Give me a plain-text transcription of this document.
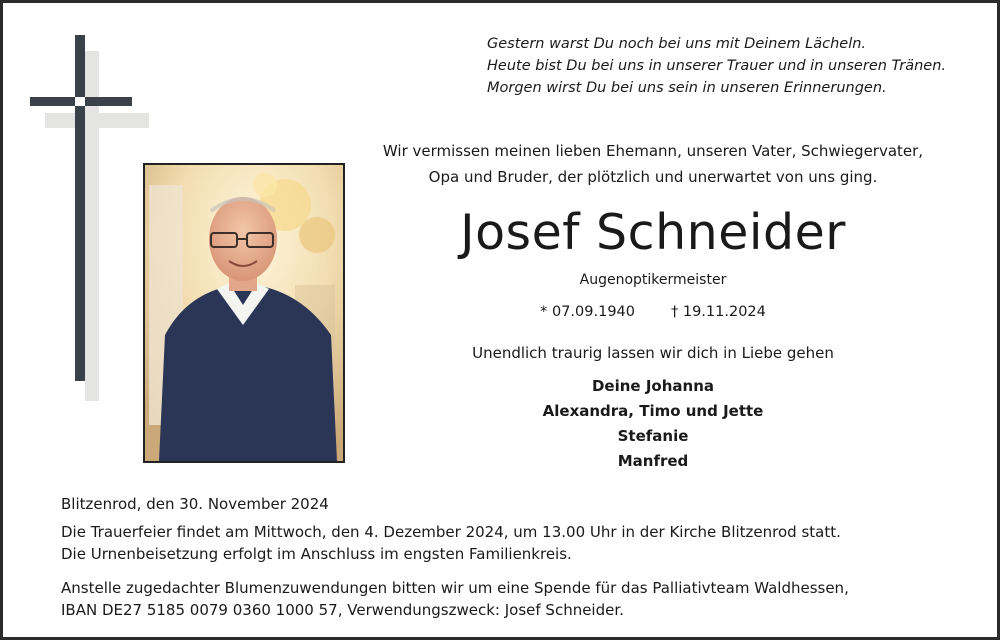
Gestern warst Du noch bei uns mit Deinem Lächeln.
Heute bist Du bei uns in unserer Trauer und in unseren Tränen.
Morgen wirst Du bei uns sein in unseren Erinnerungen.
Wir vermissen meinen lieben Ehemann, unseren Vater, Schwiegervater,
Opa und Bruder, der plötzlich und unerwartet von uns ging.
Josef Schneider
Augenoptikermeister
* 07.09.1940 † 19.11.2024
Unendlich traurig lassen wir dich in Liebe gehen
Deine Johanna
Alexandra, Timo und Jette
Stefanie
Manfred
Blitzenrod, den 30. November 2024
Die Trauerfeier findet am Mittwoch, den 4. Dezember 2024, um 13.00 Uhr in der Kirche Blitzenrod statt.
Die Urnenbeisetzung erfolgt im Anschluss im engsten Familienkreis.
Anstelle zugedachter Blumenzuwendungen bitten wir um eine Spende für das Palliativteam Waldhessen,
IBAN DE27 5185 0079 0360 1000 57, Verwendungszweck: Josef Schneider.
